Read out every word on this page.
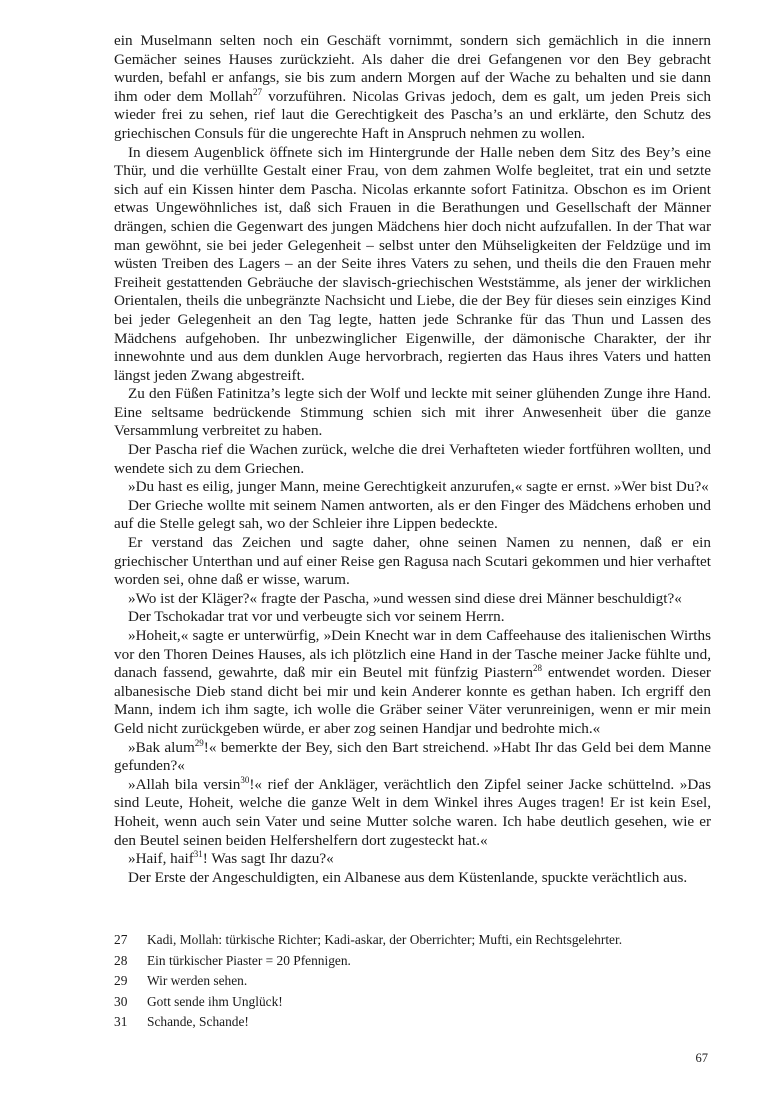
ein Muselmann selten noch ein Geschäft vornimmt, sondern sich gemächlich in die innern Gemächer seines Hauses zurückzieht. Als daher die drei Gefangenen vor den Bey gebracht wurden, befahl er anfangs, sie bis zum andern Morgen auf der Wache zu behalten und sie dann ihm oder dem Mollah$^{27}$ vorzuführen. Nicolas Grivas jedoch, dem es galt, um jeden Preis sich wieder frei zu sehen, rief laut die Gerechtigkeit des Pascha’s an und erklärte, den Schutz des griechischen Consuls für die ungerechte Haft in Anspruch nehmen zu wollen.

In diesem Augenblick öffnete sich im Hintergrunde der Halle neben dem Sitz des Bey’s eine Thür, und die verhüllte Gestalt einer Frau, von dem zahmen Wolfe begleitet, trat ein und setzte sich auf ein Kissen hinter dem Pascha. Nicolas erkannte sofort Fatinitza. Obschon es im Orient etwas Ungewöhnliches ist, daß sich Frauen in die Berathungen und Gesellschaft der Männer drängen, schien die Gegenwart des jungen Mädchens hier doch nicht aufzufallen. In der That war man gewöhnt, sie bei jeder Gelegenheit – selbst unter den Mühseligkeiten der Feldzüge und im wüsten Treiben des Lagers – an der Seite ihres Vaters zu sehen, und theils die den Frauen mehr Freiheit gestattenden Gebräuche der slavisch-griechischen Weststämme, als jener der wirklichen Orientalen, theils die unbegränzte Nachsicht und Liebe, die der Bey für dieses sein einziges Kind bei jeder Gelegenheit an den Tag legte, hatten jede Schranke für das Thun und Lassen des Mädchens aufgehoben. Ihr unbezwinglicher Eigenwille, der dämonische Charakter, der ihr innewohnte und aus dem dunklen Auge hervorbrach, regierten das Haus ihres Vaters und hatten längst jeden Zwang abgestreift.

Zu den Füßen Fatinitza’s legte sich der Wolf und leckte mit seiner glühenden Zunge ihre Hand. Eine seltsame bedrückende Stimmung schien sich mit ihrer Anwesenheit über die ganze Versammlung verbreitet zu haben.

Der Pascha rief die Wachen zurück, welche die drei Verhafteten wieder fortführen wollten, und wendete sich zu dem Griechen.

»Du hast es eilig, junger Mann, meine Gerechtigkeit anzurufen,« sagte er ernst. »Wer bist Du?«

Der Grieche wollte mit seinem Namen antworten, als er den Finger des Mädchens erhoben und auf die Stelle gelegt sah, wo der Schleier ihre Lippen bedeckte.

Er verstand das Zeichen und sagte daher, ohne seinen Namen zu nennen, daß er ein griechischer Unterthan und auf einer Reise gen Ragusa nach Scutari gekommen und hier verhaftet worden sei, ohne daß er wisse, warum.

»Wo ist der Kläger?« fragte der Pascha, »und wessen sind diese drei Männer beschuldigt?«

Der Tschokadar trat vor und verbeugte sich vor seinem Herrn.

»Hoheit,« sagte er unterwürfig, »Dein Knecht war in dem Caffeehause des italienischen Wirths vor den Thoren Deines Hauses, als ich plötzlich eine Hand in der Tasche meiner Jacke fühlte und, danach fassend, gewahrte, daß mir ein Beutel mit fünfzig Piastern$^{28}$ entwendet worden. Dieser albanesische Dieb stand dicht bei mir und kein Anderer konnte es gethan haben. Ich ergriff den Mann, indem ich ihm sagte, ich wolle die Gräber seiner Väter verunreinigen, wenn er mir mein Geld nicht zurückgeben würde, er aber zog seinen Handjar und bedrohte mich.«

»Bak alum$^{29}$!« bemerkte der Bey, sich den Bart streichend. »Habt Ihr das Geld bei dem Manne gefunden?«

»Allah bila versin$^{30}$!« rief der Ankläger, verächtlich den Zipfel seiner Jacke schüttelnd. »Das sind Leute, Hoheit, welche die ganze Welt in dem Winkel ihres Auges tragen! Er ist kein Esel, Hoheit, wenn auch sein Vater und seine Mutter solche waren. Ich habe deutlich gesehen, wie er den Beutel seinen beiden Helfershelfern dort zugesteckt hat.«

»Haif, haif$^{31}$! Was sagt Ihr dazu?«

Der Erste der Angeschuldigten, ein Albanese aus dem Küstenlande, spuckte verächtlich aus.

27	Kadi, Mollah: türkische Richter; Kadi-askar, der Oberrichter; Mufti, ein Rechtsgelehrter.
28	Ein türkischer Piaster = 20 Pfennigen.
29	Wir werden sehen.
30	Gott sende ihm Unglück!
31	Schande, Schande!
67
